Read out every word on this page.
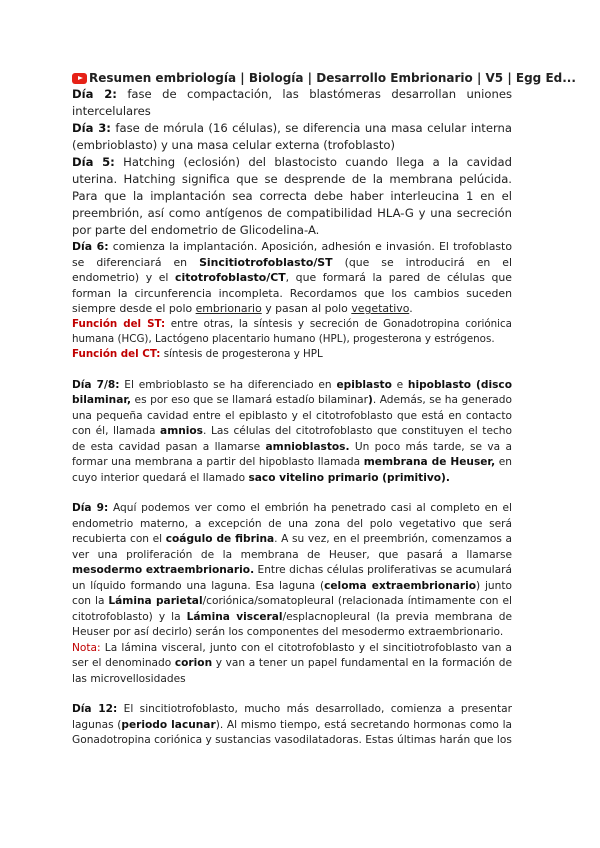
Resumen embriología | Biología | Desarrollo Embrionario | V5 | Egg Ed...

Día 2: fase de compactación, las blastómeras desarrollan uniones intercelulares

Día 3: fase de mórula (16 células), se diferencia una masa celular interna (embrioblasto) y una masa celular externa (trofoblasto)

Día 5: Hatching (eclosión) del blastocisto cuando llega a la cavidad uterina. Hatching significa que se desprende de la membrana pelúcida. Para que la implantación sea correcta debe haber interleucina 1 en el preembrión, así como antígenos de compatibilidad HLA-G y una secreción por parte del endometrio de Glicodelina-A.

Día 6: comienza la implantación. Aposición, adhesión e invasión. El trofoblasto se diferenciará en Sincitiotrofoblasto/ST (que se introducirá en el endometrio) y el citotrofoblasto/CT, que formará la pared de células que forman la circunferencia incompleta. Recordamos que los cambios suceden siempre desde el polo embrionario y pasan al polo vegetativo.

Función del ST: entre otras, la síntesis y secreción de Gonadotropina coriónica humana (HCG), Lactógeno placentario humano (HPL), progesterona y estrógenos.

Función del CT: síntesis de progesterona y HPL

Día 7/8: El embrioblasto se ha diferenciado en epiblasto e hipoblasto (disco bilaminar, es por eso que se llamará estadío bilaminar). Además, se ha generado una pequeña cavidad entre el epiblasto y el citotrofoblasto que está en contacto con él, llamada amnios. Las células del citotrofoblasto que constituyen el techo de esta cavidad pasan a llamarse amnioblastos. Un poco más tarde, se va a formar una membrana a partir del hipoblasto llamada membrana de Heuser, en cuyo interior quedará el llamado saco vitelino primario (primitivo).

Día 9: Aquí podemos ver como el embrión ha penetrado casi al completo en el endometrio materno, a excepción de una zona del polo vegetativo que será recubierta con el coágulo de fibrina. A su vez, en el preembrión, comenzamos a ver una proliferación de la membrana de Heuser, que pasará a llamarse mesodermo extraembrionario. Entre dichas células proliferativas se acumulará un líquido formando una laguna. Esa laguna (celoma extraembrionario) junto con la Lámina parietal/coriónica/somatopleural (relacionada íntimamente con el citotrofoblasto) y la Lámina visceral/esplacnopleural (la previa membrana de Heuser por así decirlo) serán los componentes del mesodermo extraembrionario.

Nota: La lámina visceral, junto con el citotrofoblasto y el sincitiotrofoblasto van a ser el denominado corion y van a tener un papel fundamental en la formación de las microvellosidades

Día 12: El sincitiotrofoblasto, mucho más desarrollado, comienza a presentar lagunas (periodo lacunar). Al mismo tiempo, está secretando hormonas como la Gonadotropina coriónica y sustancias vasodilatadoras. Estas últimas harán que los
